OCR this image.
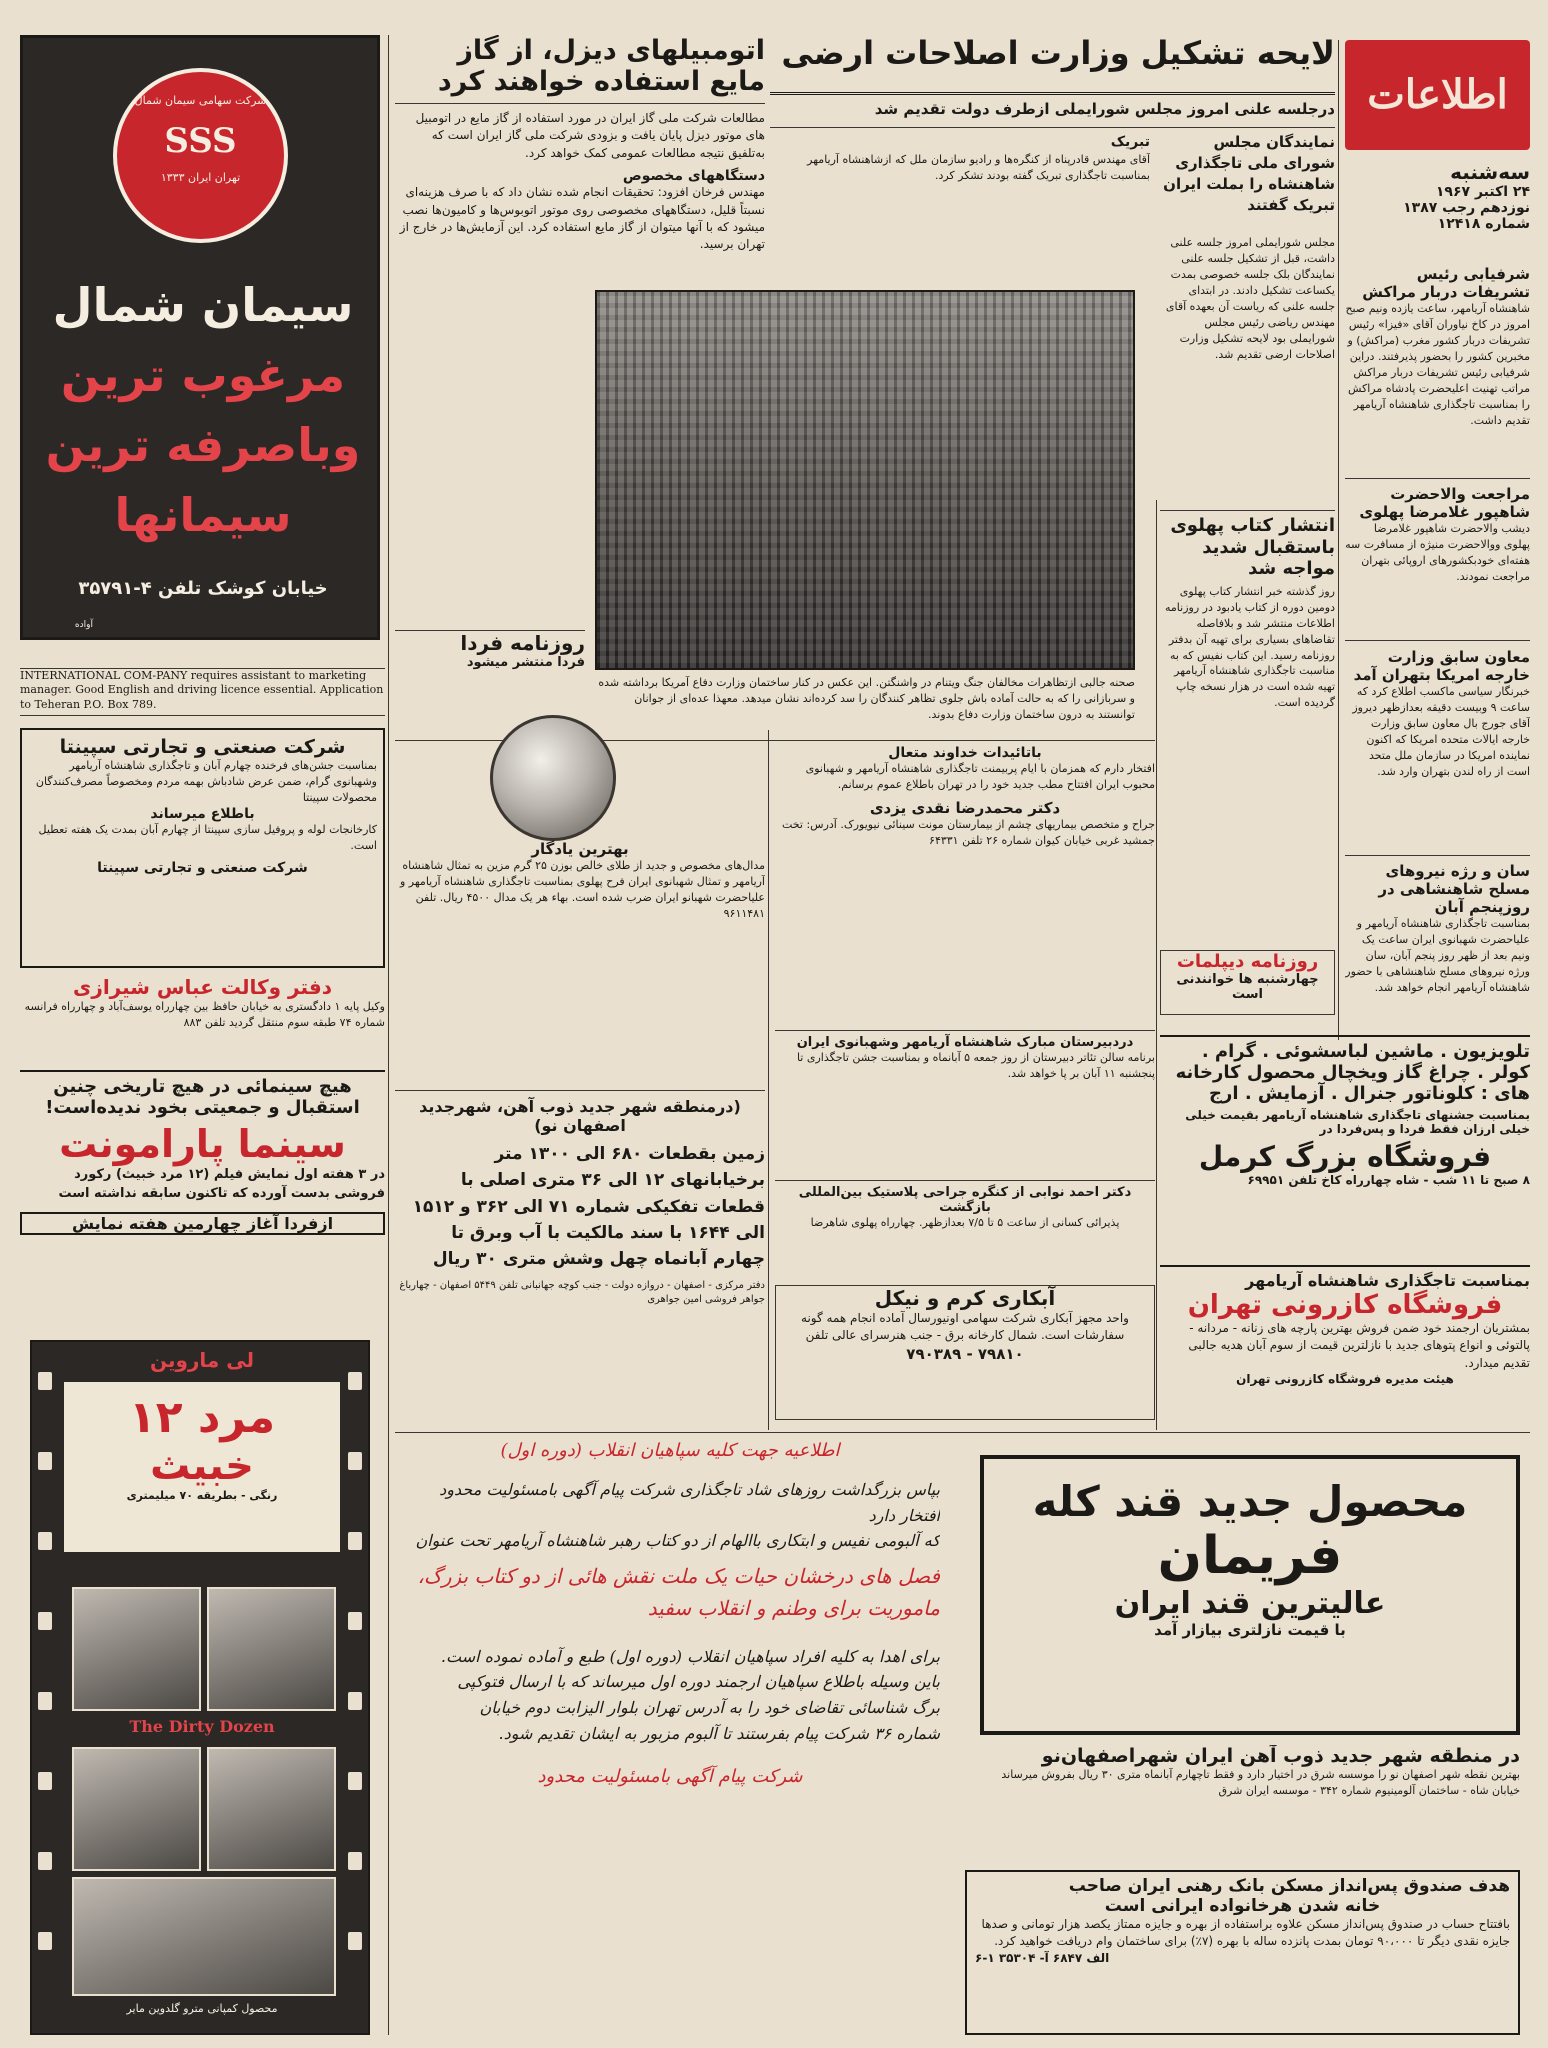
اطلاعات
سه‌شنبه
۲۴ اکتبر ۱۹۶۷
نوزدهم رجب ۱۳۸۷
شماره ۱۲۴۱۸
شرفیابی رئیس تشریفات دربار مراکش
شاهنشاه آریامهر، ساعت یازده ونیم صبح امروز در کاخ نیاوران آقای «فیزا» رئیس تشریفات دربار کشور مغرب (مراکش) و مخبرین کشور را بحضور پذیرفتند. دراین شرفیابی رئیس تشریفات دربار مراکش مراتب تهنیت اعلیحضرت پادشاه مراکش را بمناسبت تاجگذاری شاهنشاه آریامهر تقدیم داشت.
مراجعت والاحضرت شاهپور غلامرضا پهلوی
دیشب والاحضرت شاهپور غلامرضا پهلوی ووالاحضرت منیژه از مسافرت سه هفته‌ای خودبکشورهای اروپائی بتهران مراجعت نمودند.
معاون سابق وزارت خارجه امریکا بتهران آمد
خبرنگار سیاسی ماکسب اطلاع کرد که ساعت ۹ وبیست دقیقه بعدازظهر دیروز آقای جورج بال معاون سابق وزارت خارجه ایالات متحده امریکا که اکنون نماینده امریکا در سازمان ملل متحد است از راه لندن بتهران وارد شد.
سان و رژه نیروهای مسلح شاهنشاهی در روزپنجم آبان
بمناسبت تاجگذاری شاهنشاه آریامهر و علیاحضرت شهبانوی ایران ساعت یک ونیم بعد از ظهر روز پنجم آبان، سان ورژه نیروهای مسلح شاهنشاهی با حضور شاهنشاه آریامهر انجام خواهد شد.
لایحه تشکیل وزارت اصلاحات ارضی
درجلسه علنی امروز مجلس شورایملی ازطرف دولت تقدیم شد
نمایندگان مجلس شورای ملی تاجگذاری شاهنشاه را بملت ایران تبریک گفتند
مجلس شورایملی امروز جلسه علنی داشت، قبل از تشکیل جلسه علنی نمایندگان بلک جلسه خصوصی بمدت یکساعت تشکیل دادند. در ابتدای جلسه علنی که ریاست آن بعهده آقای مهندس ریاضی رئیس مجلس شورایملی بود لایحه تشکیل وزارت اصلاحات ارضی تقدیم شد.
تبریک
آقای مهندس قادرپناه از کنگره‌ها و رادیو سازمان ملل که ازشاهنشاه آریامهر بمناسبت تاجگذاری تبریک گفته بودند تشکر کرد.
انتشار کتاب پهلوی باستقبال شدید مواجه شد
روز گذشته خبر انتشار کتاب پهلوی دومین دوره از کتاب یادبود در روزنامه اطلاعات منتشر شد و بلافاصله تقاضاهای بسیاری برای تهیه آن بدفتر روزنامه رسید. این کتاب نفیس که به مناسبت تاجگذاری شاهنشاه آریامهر تهیه شده است در هزار نسخه چاپ گردیده است.
روزنامه دیپلمات
چهارشنبه ها خوانندنی است
اتومبیلهای دیزل، از گاز مایع استفاده خواهند کرد
مطالعات شرکت ملی گاز ایران در مورد استفاده از گاز مایع در اتومبیل های موتور دیزل پایان یافت و بزودی شرکت ملی گاز ایران است که به‌تلفیق نتیجه مطالعات عمومی کمک خواهد کرد.
دستگاههای مخصوص
مهندس فرخان افزود: تحقیقات انجام شده نشان داد که با صرف هزینه‌ای نسبتاً قلیل، دستگاههای مخصوصی روی موتور اتوبوس‌ها و کامیون‌ها نصب میشود که با آنها میتوان از گاز مایع استفاده کرد. این آزمایش‌ها در خارج از تهران برسید.
روزنامه فردا
فردا منتشر میشود
صحنه جالبی ازتظاهرات مخالفان جنگ ویتنام در واشنگتن. این عکس در کنار ساختمان وزارت دفاع آمریکا برداشته شده و سربازانی را که به حالت آماده باش جلوی تظاهر کنندگان را سد کرده‌اند نشان میدهد. معهذا عده‌ای از جوانان توانستند به درون ساختمان وزارت دفاع بدوند.
بهترین یادگار
مدال‌های مخصوص و جدید از طلای خالص بوزن ۲۵ گرم مزین به تمثال شاهنشاه آریامهر و تمثال شهبانوی ایران فرح پهلوی بمناسبت تاجگذاری شاهنشاه آریامهر و علیاحضرت شهبانو ایران ضرب شده است. بهاء هر یک مدال ۴۵۰۰ ریال. تلفن ۹۶۱۱۴۸۱
باتائیدات خداوند متعال
افتخار دارم که همزمان با ایام پربیمنت تاجگذاری شاهنشاه آریامهر و شهبانوی محبوب ایران افتتاح مطب جدید خود را در تهران باطلاع عموم برسانم.
دکتر محمدرضا نقدی یزدی
جراح و متخصص بیماریهای چشم از بیمارستان مونت سینائی نیویورک. آدرس: تخت جمشید غربی خیابان کیوان شماره ۲۶ تلفن ۶۴۳۳۱
دردبیرستان مبارک شاهنشاه آریامهر وشهبانوی ایران
برنامه سالن تئاتر دبیرستان از روز جمعه ۵ آبانماه و بمناسبت جشن تاجگذاری تا پنجشنبه ۱۱ آبان بر پا خواهد شد.
دکتر احمد نوابی از کنگره جراحی پلاستیک بین‌المللی بازگشت
پذیرائی کسانی از ساعت ۵ تا ۷/۵ بعدازظهر. چهارراه پهلوی شاهرضا
آبکاری کرم و نیکل
واحد مجهز آبکاری شرکت سهامی اونیورسال آماده انجام همه گونه سفارشات است. شمال کارخانه برق - جنب هنرسرای عالی تلفن
۷۹۸۱۰ - ۷۹۰۳۸۹
(درمنطقه شهر جدید ذوب آهن، شهرجدید اصفهان نو)
زمین بقطعات ۶۸۰ الی ۱۳۰۰ متر برخیابانهای ۱۲ الی ۳۶ متری اصلی با قطعات تفکیکی شماره ۷۱ الی ۳۶۲ و ۱۵۱۲ الی ۱۶۴۴ با سند مالکیت با آب وبرق تا چهارم آبانماه چهل وشش متری ۳۰ ریال
دفتر مرکزی - اصفهان - دروازه دولت - جنب کوچه جهانبانی تلفن ۵۴۴۹ اصفهان - چهارباغ جواهر فروشی امین جواهری
تلویزیون . ماشین لباسشوئی . گرام .
کولر . چراغ گاز ویخچال محصول کارخانه
های : کلوناتور جنرال . آزمایش . ارج
بمناسبت جشنهای تاجگذاری شاهنشاه آریامهر بقیمت خیلی خیلی ارزان فقط فردا و پس‌فردا در
فروشگاه بزرگ کرمل
۸ صبح تا ۱۱ شب - شاه چهارراه کاخ تلفن ۶۹۹۵۱
بمناسبت تاجگذاری شاهنشاه آریامهر
فروشگاه کازرونی تهران
بمشتریان ارجمند خود ضمن فروش بهترین پارچه های زنانه - مردانه - پالتوئی و انواع پتوهای جدید با نازلترین قیمت از سوم آبان هدیه جالبی تقدیم میدارد.
هیئت مدیره فروشگاه کازرونی تهران
شرکت سهامی سیمان شمال
SSS
۱۳۳۳ تهران ایران
سیمان شمال
مرغوب ترین
وباصرفه ترین
سیمانها
خیابان کوشک تلفن ۴-۳۵۷۹۱
آواده
INTERNATIONAL COM-PANY requires assistant to marketing manager. Good English and driving licence essential. Application to Teheran P.O. Box 789.
شرکت صنعتی و تجارتی سپینتا
بمناسبت جشن‌های فرخنده چهارم آبان و تاجگذاری شاهنشاه آریامهر وشهبانوی گرام، ضمن عرض شادباش بهمه مردم ومخصوصاً مصرف‌کنندگان محصولات سپینتا
باطلاع میرساند
کارخانجات لوله و پروفیل سازی سپینتا از چهارم آبان بمدت یک هفته تعطیل است.
شرکت صنعتی و تجارتی سپینتا
دفتر وکالت عباس شیرازی
وکیل پایه ۱ دادگستری به خیابان حافظ بین چهارراه یوسف‌آباد و چهارراه فرانسه شماره ۷۴ طبقه سوم منتقل گردید تلفن ۸۸۳
هیچ سینمائی در هیچ تاریخی چنین
استقبال و جمعیتی بخود ندیده‌است!
سینما پارامونت
در ۳ هفته اول نمایش فیلم (۱۲ مرد خبیث) رکورد فروشی بدست آورده که تاکنون سابقه نداشته است
ازفردا آغاز چهارمین هفته نمایش
لی ماروین
۱۲ مرد
خبیث
رنگی - بطریقه ۷۰ میلیمتری
The Dirty Dozen
محصول کمپانی مترو گلدوین مایر
اطلاعیه جهت کلیه سپاهیان انقلاب (دوره اول)
بپاس بزرگداشت روزهای شاد تاجگذاری شرکت پیام آگهی بامسئولیت محدود افتخار دارد
که آلبومی نفیس و ابتکاری باالهام از دو کتاب رهبر شاهنشاه آریامهر تحت عنوان
فصل های درخشان حیات یک ملت نقش هائی از دو کتاب بزرگ،
ماموریت برای وطنم و انقلاب سفید
برای اهدا به کلیه افراد سپاهیان انقلاب (دوره اول) طبع و آماده نموده است.
باین وسیله باطلاع سپاهیان ارجمند دوره اول میرساند که با ارسال فتوکپی
برگ شناسائی تقاضای خود را به آدرس تهران بلوار الیزابت دوم خیابان
شماره ۳۶ شرکت پیام بفرستند تا آلبوم مزبور به ایشان تقدیم شود.
شرکت پیام آگهی بامسئولیت محدود
محصول جدید قند کله
فریمان
عالیترین قند ایران
با قیمت نازلتری بیازار آمد
در منطقه شهر جدید ذوب آهن ایران شهراصفهان‌نو
بهترین نقطه شهر اصفهان نو را موسسه شرق در اختیار دارد و فقط تاچهارم آبانماه متری ۳۰ ریال بفروش میرساند خیابان شاه - ساختمان آلومینیوم شماره ۳۴۲ - موسسه ایران شرق
هدف صندوق پس‌انداز مسکن بانک رهنی ایران صاحب
خانه شدن هرخانواده ایرانی است
بافتتاح حساب در صندوق پس‌انداز مسکن علاوه براستفاده از بهره و جایزه ممتاز یکصد هزار تومانی و صدها جایزه نقدی دیگر تا ۹۰،۰۰۰ تومان بمدت پانزده ساله با بهره (۷٪) برای ساختمان وام دریافت خواهید کرد.
الف ۶۸۴۷ آ- ۳۵۳۰۴ ۱-۶
